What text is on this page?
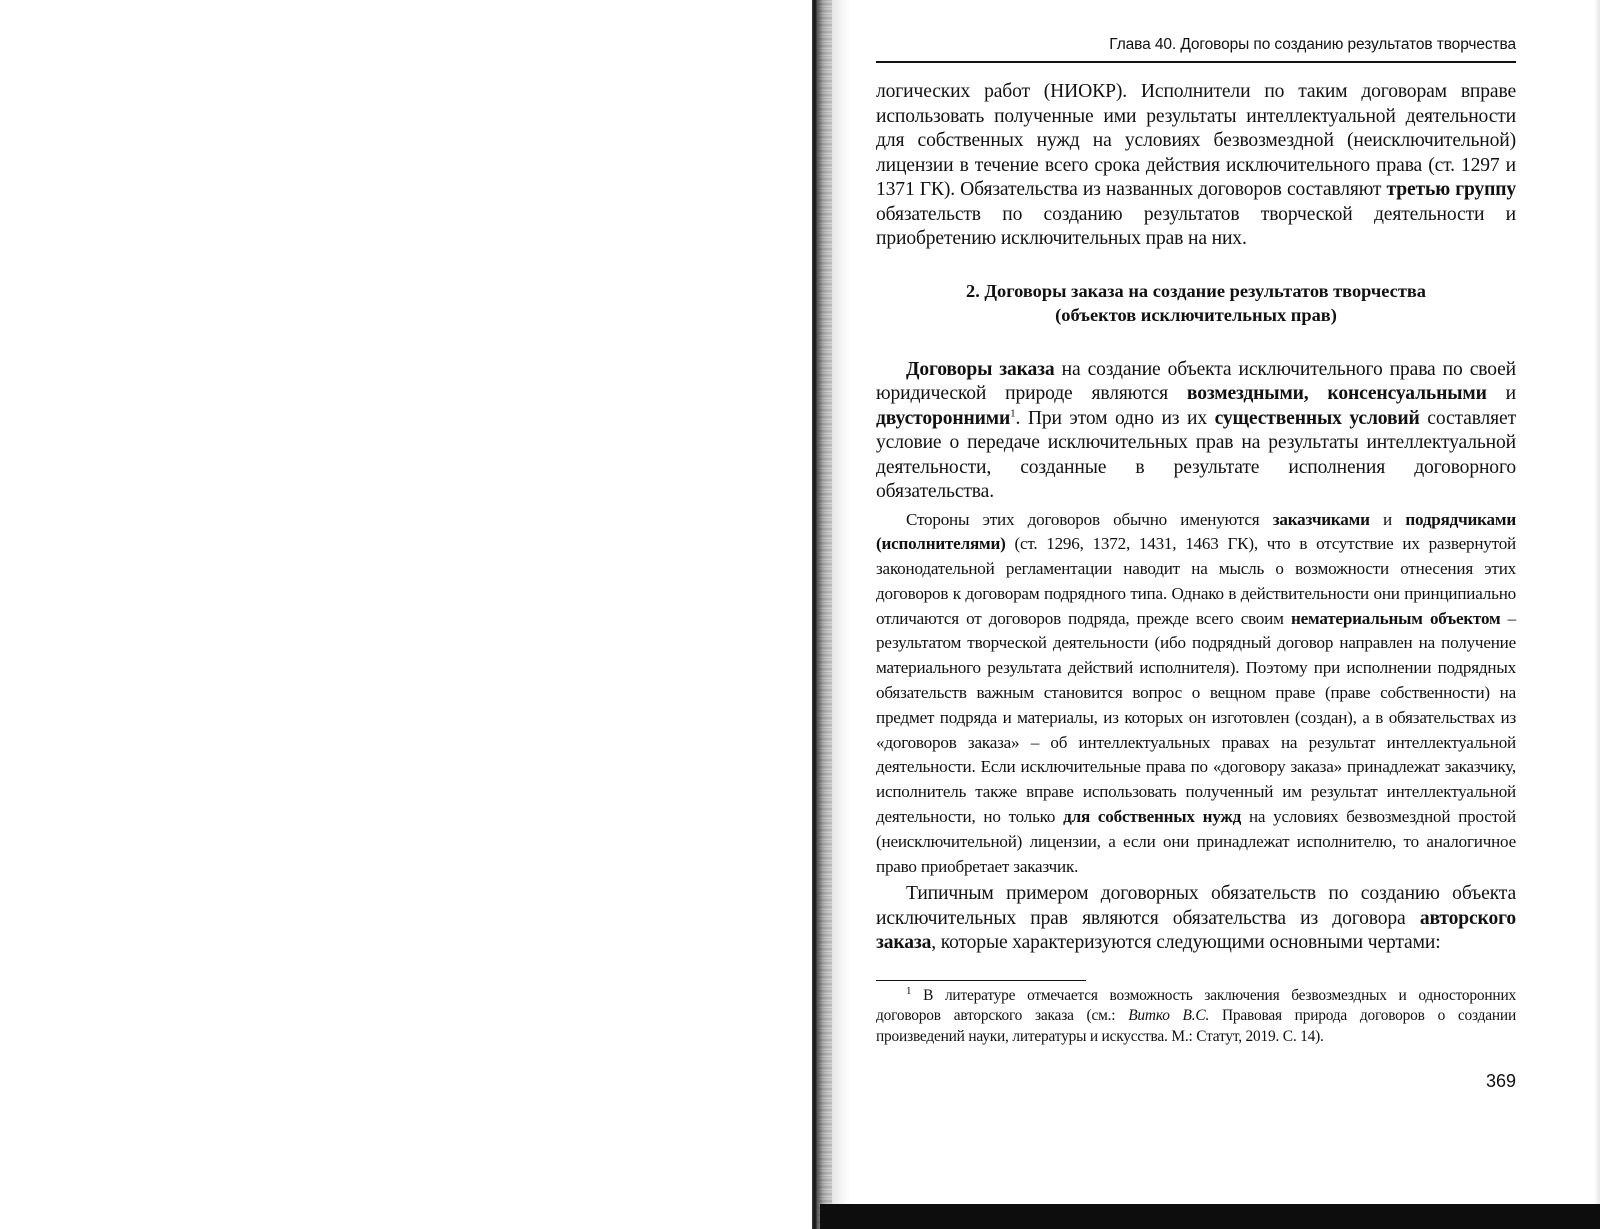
Глава 40. Договоры по созданию результатов творчества

логических работ (НИОКР). Исполнители по таким договорам вправе использовать полученные ими результаты интеллектуальной деятельности для собственных нужд на условиях безвозмездной (неисключительной) лицензии в течение всего срока действия исключительного права (ст. 1297 и 1371 ГК). Обязательства из названных договоров составляют третью группу обязательств по созданию результатов творческой деятельности и приобретению исключительных прав на них.

2. Договоры заказа на создание результатов творчества
(объектов исключительных прав)

Договоры заказа на создание объекта исключительного права по своей юридической природе являются возмездными, консенсуальными и двусторонними$^1$. При этом одно из их существенных условий составляет условие о передаче исключительных прав на результаты интеллектуальной деятельности, созданные в результате исполнения договорного обязательства.

Стороны этих договоров обычно именуются заказчиками и подрядчиками (исполнителями) (ст. 1296, 1372, 1431, 1463 ГК), что в отсутствие их развернутой законодательной регламентации наводит на мысль о возможности отнесения этих договоров к договорам подрядного типа. Однако в действительности они принципиально отличаются от договоров подряда, прежде всего своим нематериальным объектом – результатом творческой деятельности (ибо подрядный договор направлен на получение материального результата действий исполнителя). Поэтому при исполнении подрядных обязательств важным становится вопрос о вещном праве (праве собственности) на предмет подряда и материалы, из которых он изготовлен (создан), а в обязательствах из «договоров заказа» – об интеллектуальных правах на результат интеллектуальной деятельности. Если исключительные права по «договору заказа» принадлежат заказчику, исполнитель также вправе использовать полученный им результат интеллектуальной деятельности, но только для собственных нужд на условиях безвозмездной простой (неисключительной) лицензии, а если они принадлежат исполнителю, то аналогичное право приобретает заказчик.

Типичным примером договорных обязательств по созданию объекта исключительных прав являются обязательства из договора авторского заказа, которые характеризуются следующими основными чертами:

$^1$ В литературе отмечается возможность заключения безвозмездных и односторонних договоров авторского заказа (см.: Витко В.С. Правовая природа договоров о создании произведений науки, литературы и искусства. М.: Статут, 2019. С. 14).

369
